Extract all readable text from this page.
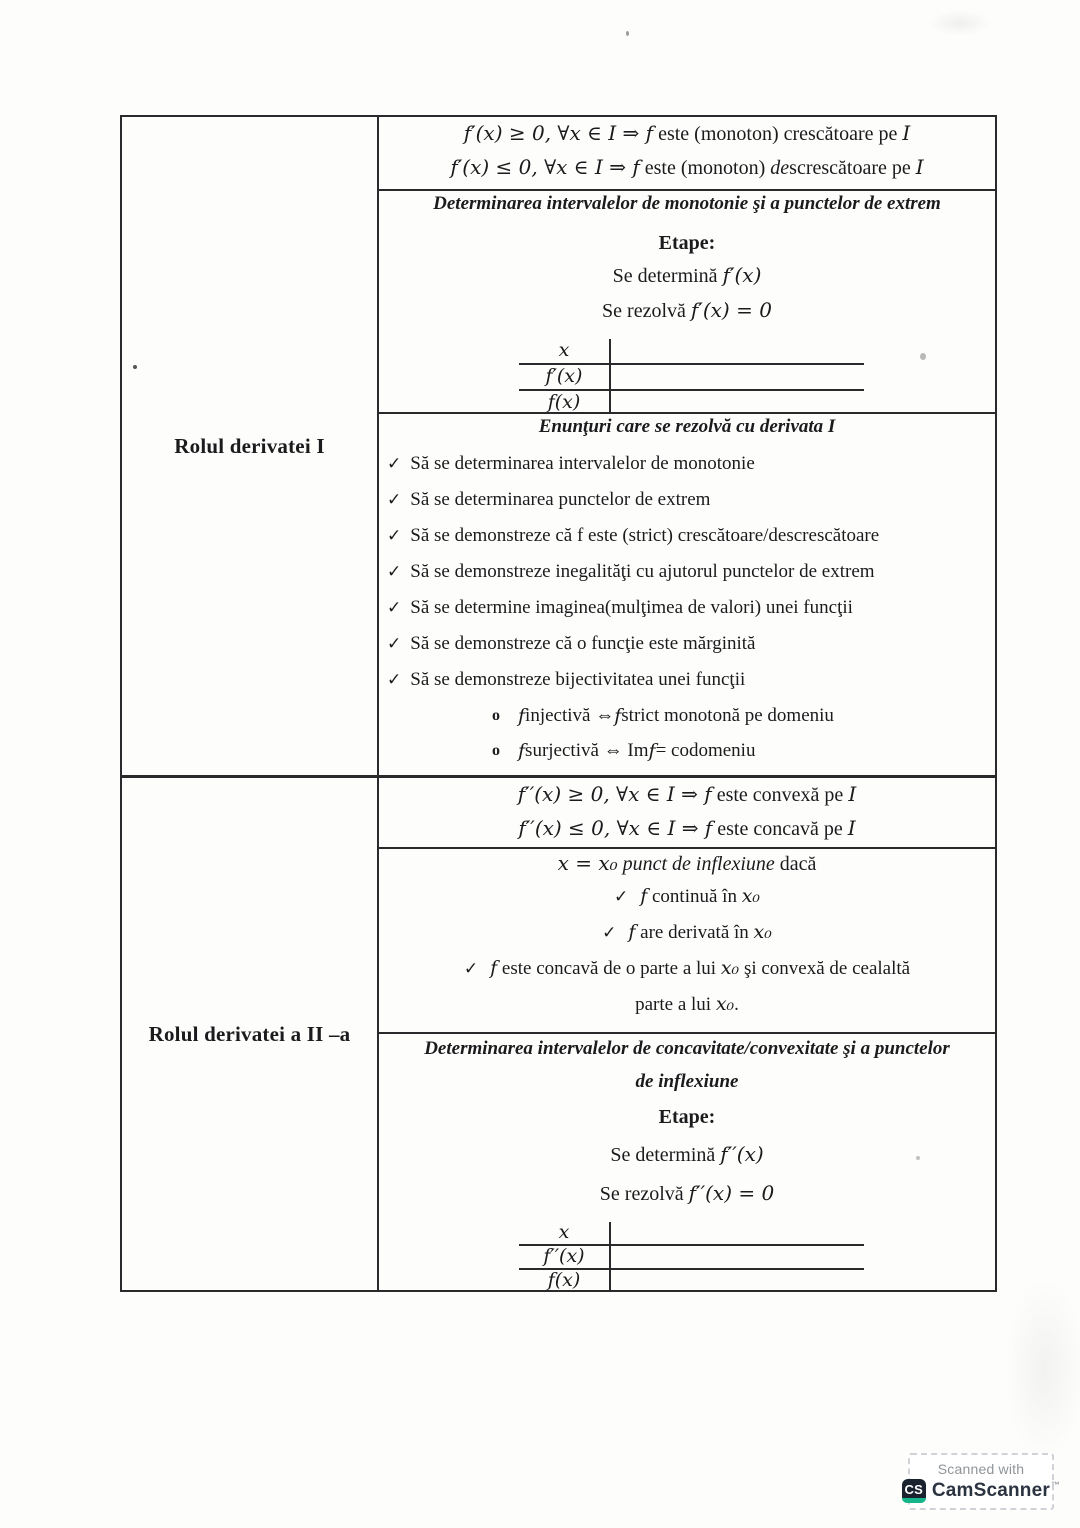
Rolul derivatei I
Rolul derivatei a II –a
f′(x) ≥ 0, ∀x ∈ I ⇒ f este (monoton) crescătoare pe I
f′(x) ≤ 0, ∀x ∈ I ⇒ f este (monoton) descrescătoare pe I
Determinarea intervalelor de monotonie şi a punctelor de extrem
Etape:
Se determină f′(x)
Se rezolvă f′(x) = 0
x
f′(x)
f(x)
Enunţuri care se rezolvă cu derivata I
✓ Să se determinarea intervalelor de monotonie
✓ Să se determinarea punctelor de extrem
✓ Să se demonstreze că f este (strict) crescătoare/descrescătoare
✓ Să se demonstreze inegalităţi cu ajutorul punctelor de extrem
✓ Să se determine imaginea(mulţimea de valori) unei funcţii
✓ Să se demonstreze că o funcţie este mărginită
✓ Să se demonstreze bijectivitatea unei funcţii
o f injectivă ⇔ f strict monotonă pe domeniu
o f surjectivă ⇔ Im f = codomeniu
f′′(x) ≥ 0, ∀x ∈ I ⇒ f este convexă pe I
f′′(x) ≤ 0, ∀x ∈ I ⇒ f este concavă pe I
x = x₀ punct de inflexiune dacă
✓ f continuă în x₀
✓ f are derivată în x₀
✓ f este concavă de o parte a lui x₀ şi convexă de cealaltă
parte a lui x₀.
Determinarea intervalelor de concavitate/convexitate şi a punctelor
de inflexiune
Etape:
Se determină f′′(x)
Se rezolvă f′′(x) = 0
x
f′′(x)
f(x)
Scanned with
CS CamScanner™
